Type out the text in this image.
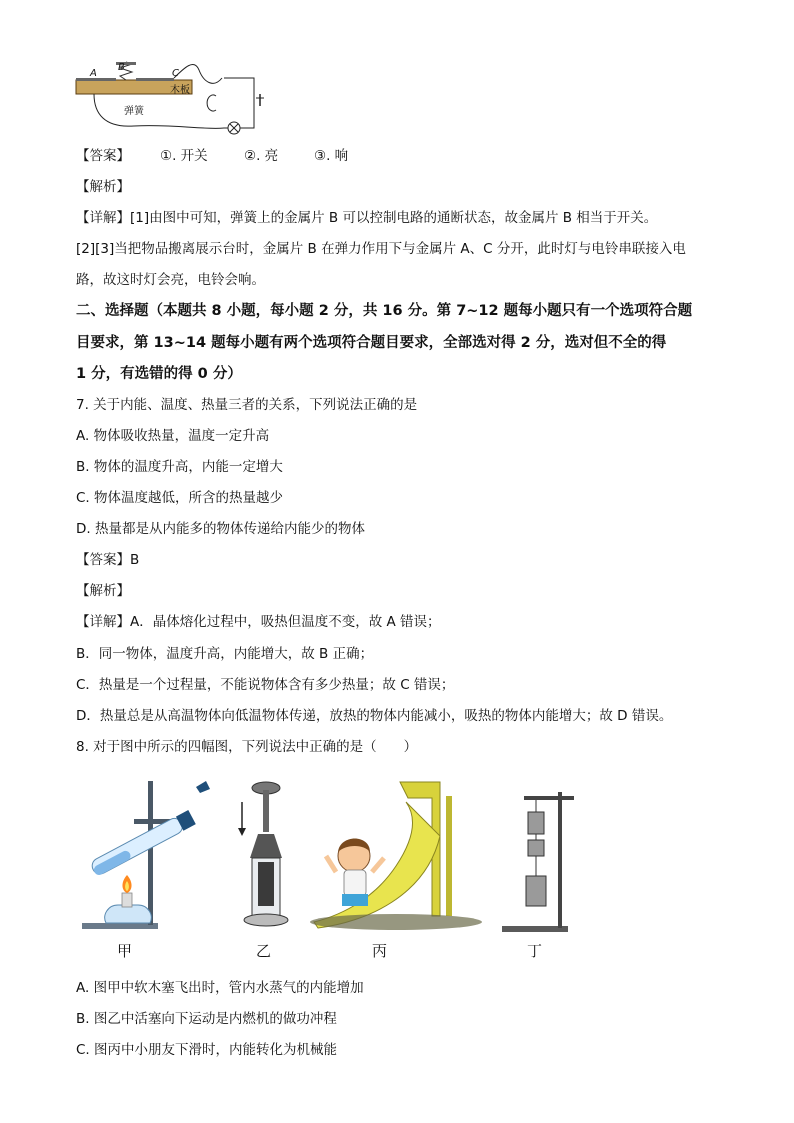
A
B
C
木板
弹簧
【答案】 ①. 开关	②. 亮	③. 响
【解析】
【详解】[1]由图中可知，弹簧上的金属片 B 可以控制电路的通断状态，故金属片 B 相当于开关。
[2][3]当把物品搬离展示台时，金属片 B 在弹力作用下与金属片 A、C 分开，此时灯与电铃串联接入电
路，故这时灯会亮，电铃会响。
二、选择题（本题共 8 小题，每小题 2 分，共 16 分。第 7~12 题每小题只有一个选项符合题
目要求，第 13~14 题每小题有两个选项符合题目要求，全部选对得 2 分，选对但不全的得
1 分，有选错的得 0 分）
7. 关于内能、温度、热量三者的关系，下列说法正确的是
A. 物体吸收热量，温度一定升高
B. 物体的温度升高，内能一定增大
C. 物体温度越低，所含的热量越少
D. 热量都是从内能多的物体传递给内能少的物体
【答案】B
【解析】
【详解】A．晶体熔化过程中，吸热但温度不变，故 A 错误；
B．同一物体，温度升高，内能增大，故 B 正确；
C．热量是一个过程量，不能说物体含有多少热量；故 C 错误；
D．热量总是从高温物体向低温物体传递，放热的物体内能减小，吸热的物体内能增大；故 D 错误。
8. 对于图中所示的四幅图，下列说法中正确的是（　　）
甲	乙	丙	丁
A. 图甲中软木塞飞出时，管内水蒸气的内能增加
B. 图乙中活塞向下运动是内燃机的做功冲程
C. 图丙中小朋友下滑时，内能转化为机械能
